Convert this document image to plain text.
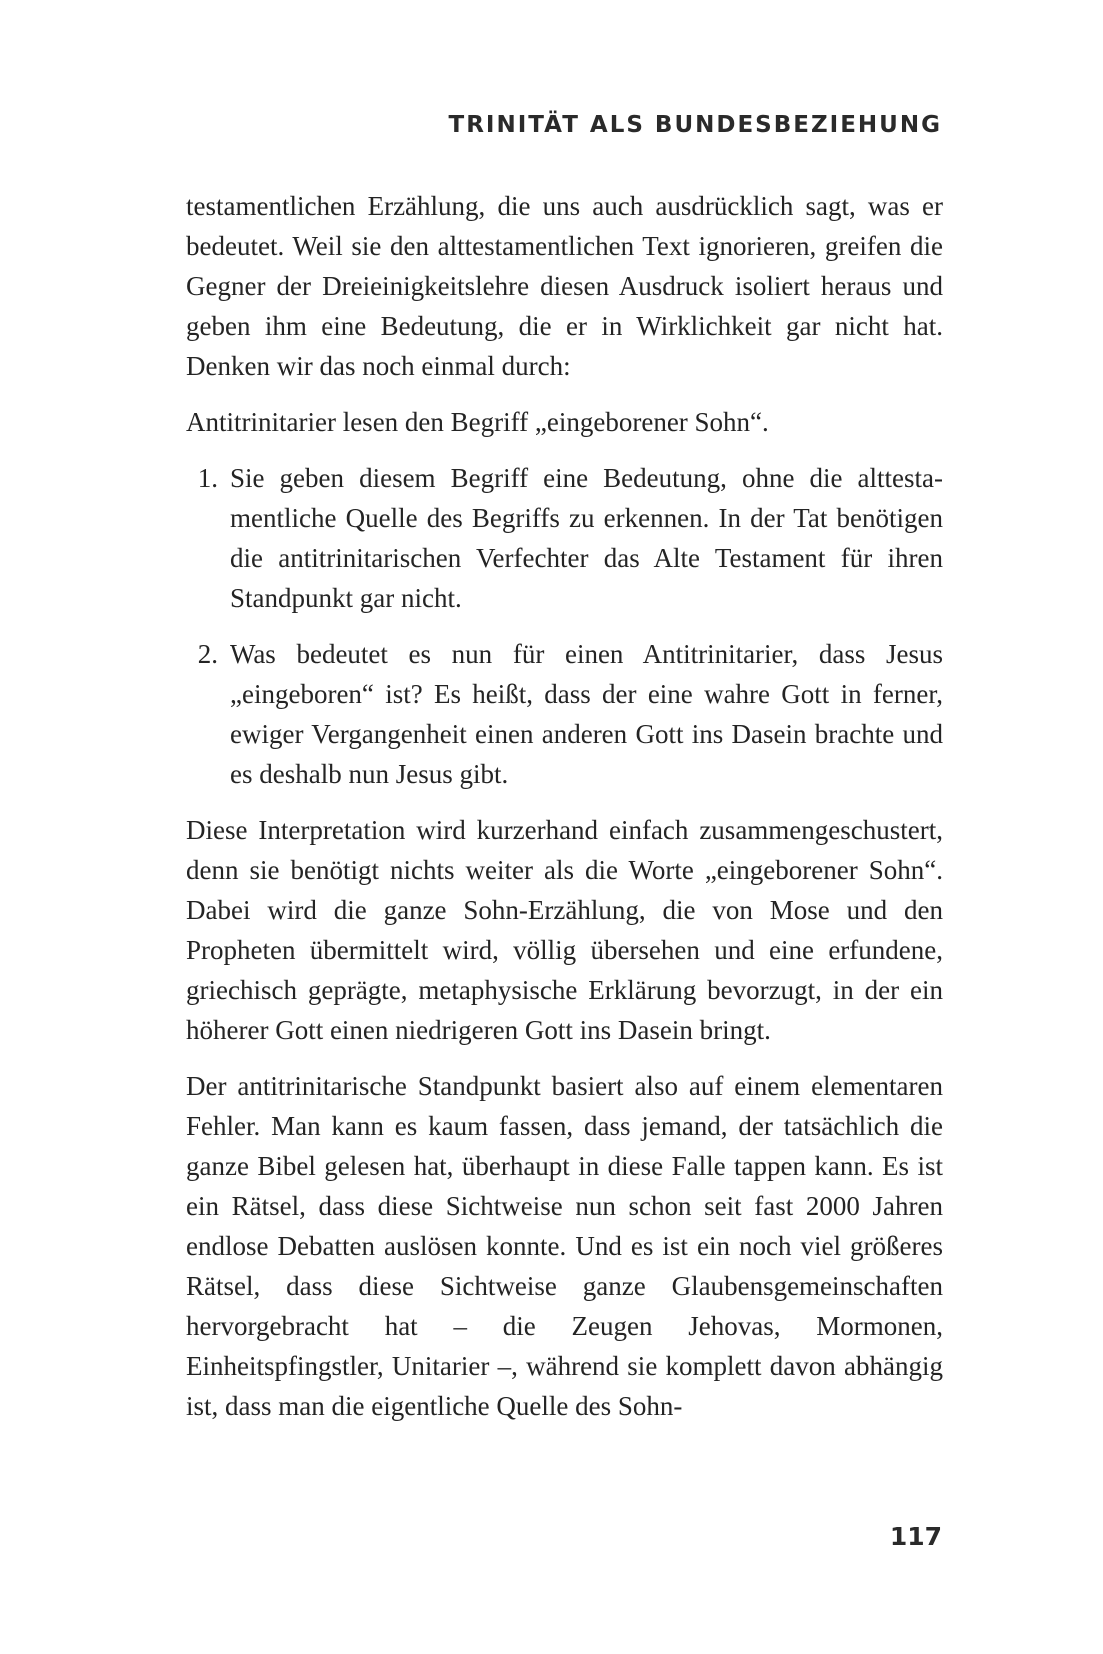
TRINITÄT ALS BUNDESBEZIEHUNG

testamentlichen Erzählung, die uns auch ausdrücklich sagt, was er bedeutet. Weil sie den alttestamentlichen Text ignorieren, greifen die Gegner der Dreieinigkeitslehre diesen Ausdruck isoliert heraus und geben ihm eine Bedeutung, die er in Wirklichkeit gar nicht hat. Denken wir das noch einmal durch:

Antitrinitarier lesen den Begriff „eingeborener Sohn“.

1. Sie geben diesem Begriff eine Bedeutung, ohne die alttestamentliche Quelle des Begriffs zu erkennen. In der Tat benötigen die antitrinitarischen Verfechter das Alte Testament für ihren Standpunkt gar nicht.
2. Was bedeutet es nun für einen Antitrinitarier, dass Jesus „eingeboren“ ist? Es heißt, dass der eine wahre Gott in ferner, ewiger Vergangenheit einen anderen Gott ins Dasein brachte und es deshalb nun Jesus gibt.

Diese Interpretation wird kurzerhand einfach zusammengeschustert, denn sie benötigt nichts weiter als die Worte „eingeborener Sohn“. Dabei wird die ganze Sohn-Erzählung, die von Mose und den Propheten übermittelt wird, völlig übersehen und eine erfundene, griechisch geprägte, metaphysische Erklärung bevorzugt, in der ein höherer Gott einen niedrigeren Gott ins Dasein bringt.

Der antitrinitarische Standpunkt basiert also auf einem elementaren Fehler. Man kann es kaum fassen, dass jemand, der tatsächlich die ganze Bibel gelesen hat, überhaupt in diese Falle tappen kann. Es ist ein Rätsel, dass diese Sichtweise nun schon seit fast 2000 Jahren endlose Debatten auslösen konnte. Und es ist ein noch viel größeres Rätsel, dass diese Sichtweise ganze Glaubensgemeinschaften hervorgebracht hat – die Zeugen Jehovas, Mormonen, Einheitspfingstler, Unitarier –, während sie komplett davon abhängig ist, dass man die eigentliche Quelle des Sohn-

117
